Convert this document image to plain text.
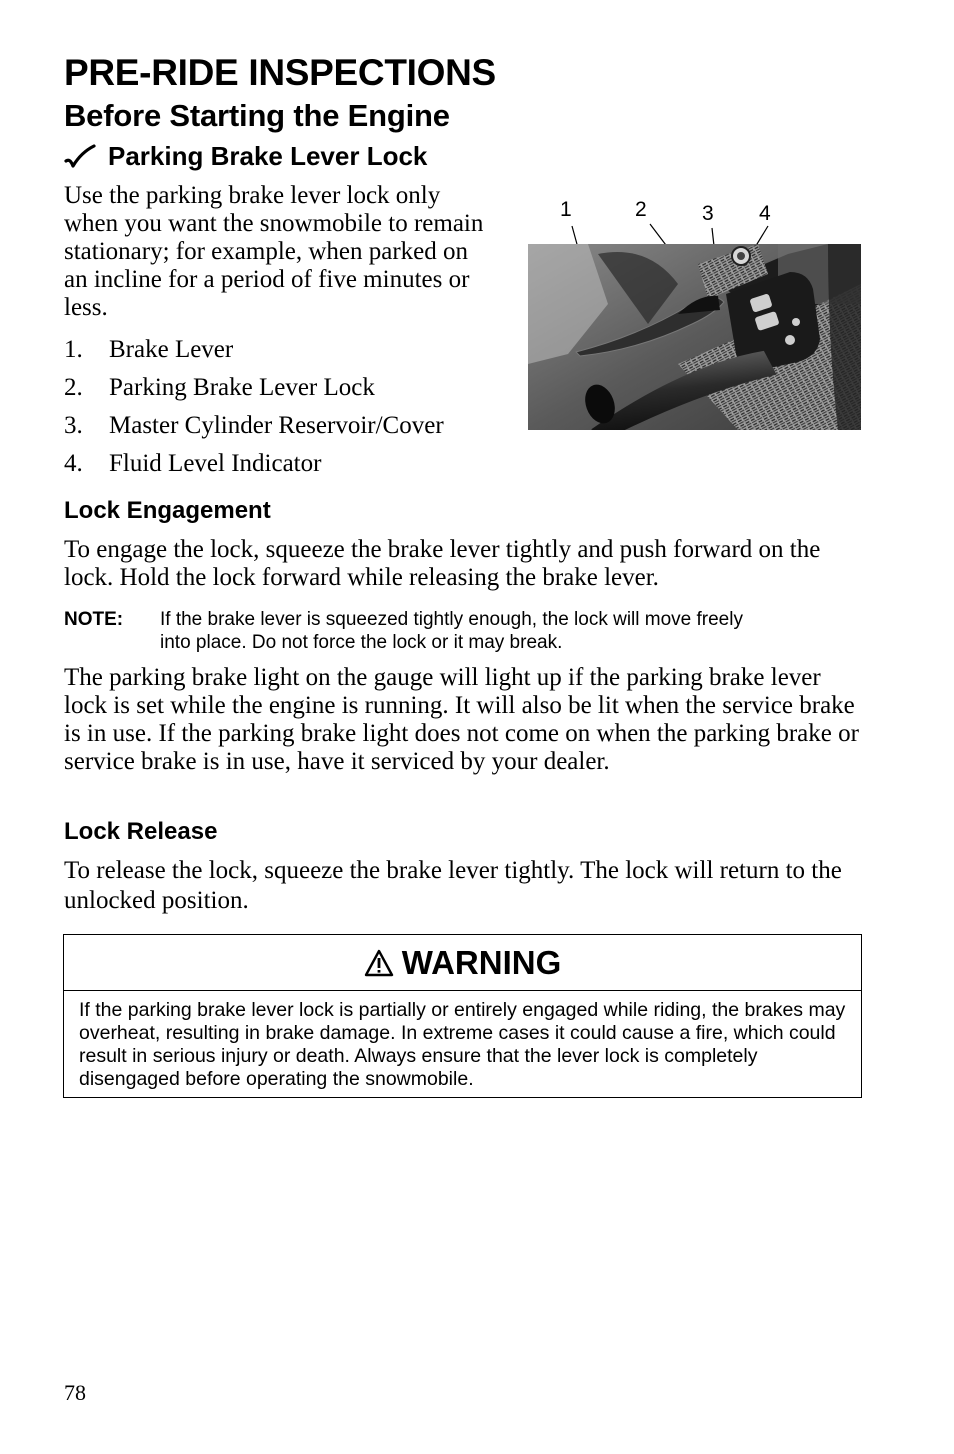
PRE-RIDE INSPECTIONS
Before Starting the Engine
Parking Brake Lever Lock
Use the parking brake lever lock only when you want the snowmobile to remain stationary; for example, when parked on an incline for a period of five minutes or less.
1	2	3 4
1.	Brake Lever
2.	Parking Brake Lever Lock
3.	Master Cylinder Reservoir/Cover
4.	Fluid Level Indicator
Lock Engagement
To engage the lock, squeeze the brake lever tightly and push forward on the lock. Hold the lock forward while releasing the brake lever.
NOTE: If the brake lever is squeezed tightly enough, the lock will move freely
into place. Do not force the lock or it may break.
The parking brake light on the gauge will light up if the parking brake lever lock is set while the engine is running. It will also be lit when the service brake is in use. If the parking brake light does not come on when the parking brake or service brake is in use, have it serviced by your dealer.
Lock Release
To release the lock, squeeze the brake lever tightly. The lock will return to the unlocked position.
WARNING
If the parking brake lever lock is partially or entirely engaged while riding, the brakes may overheat, resulting in brake damage. In extreme cases it could cause a fire, which could result in serious injury or death. Always ensure that the lever lock is completely disengaged before operating the snowmobile.
78
